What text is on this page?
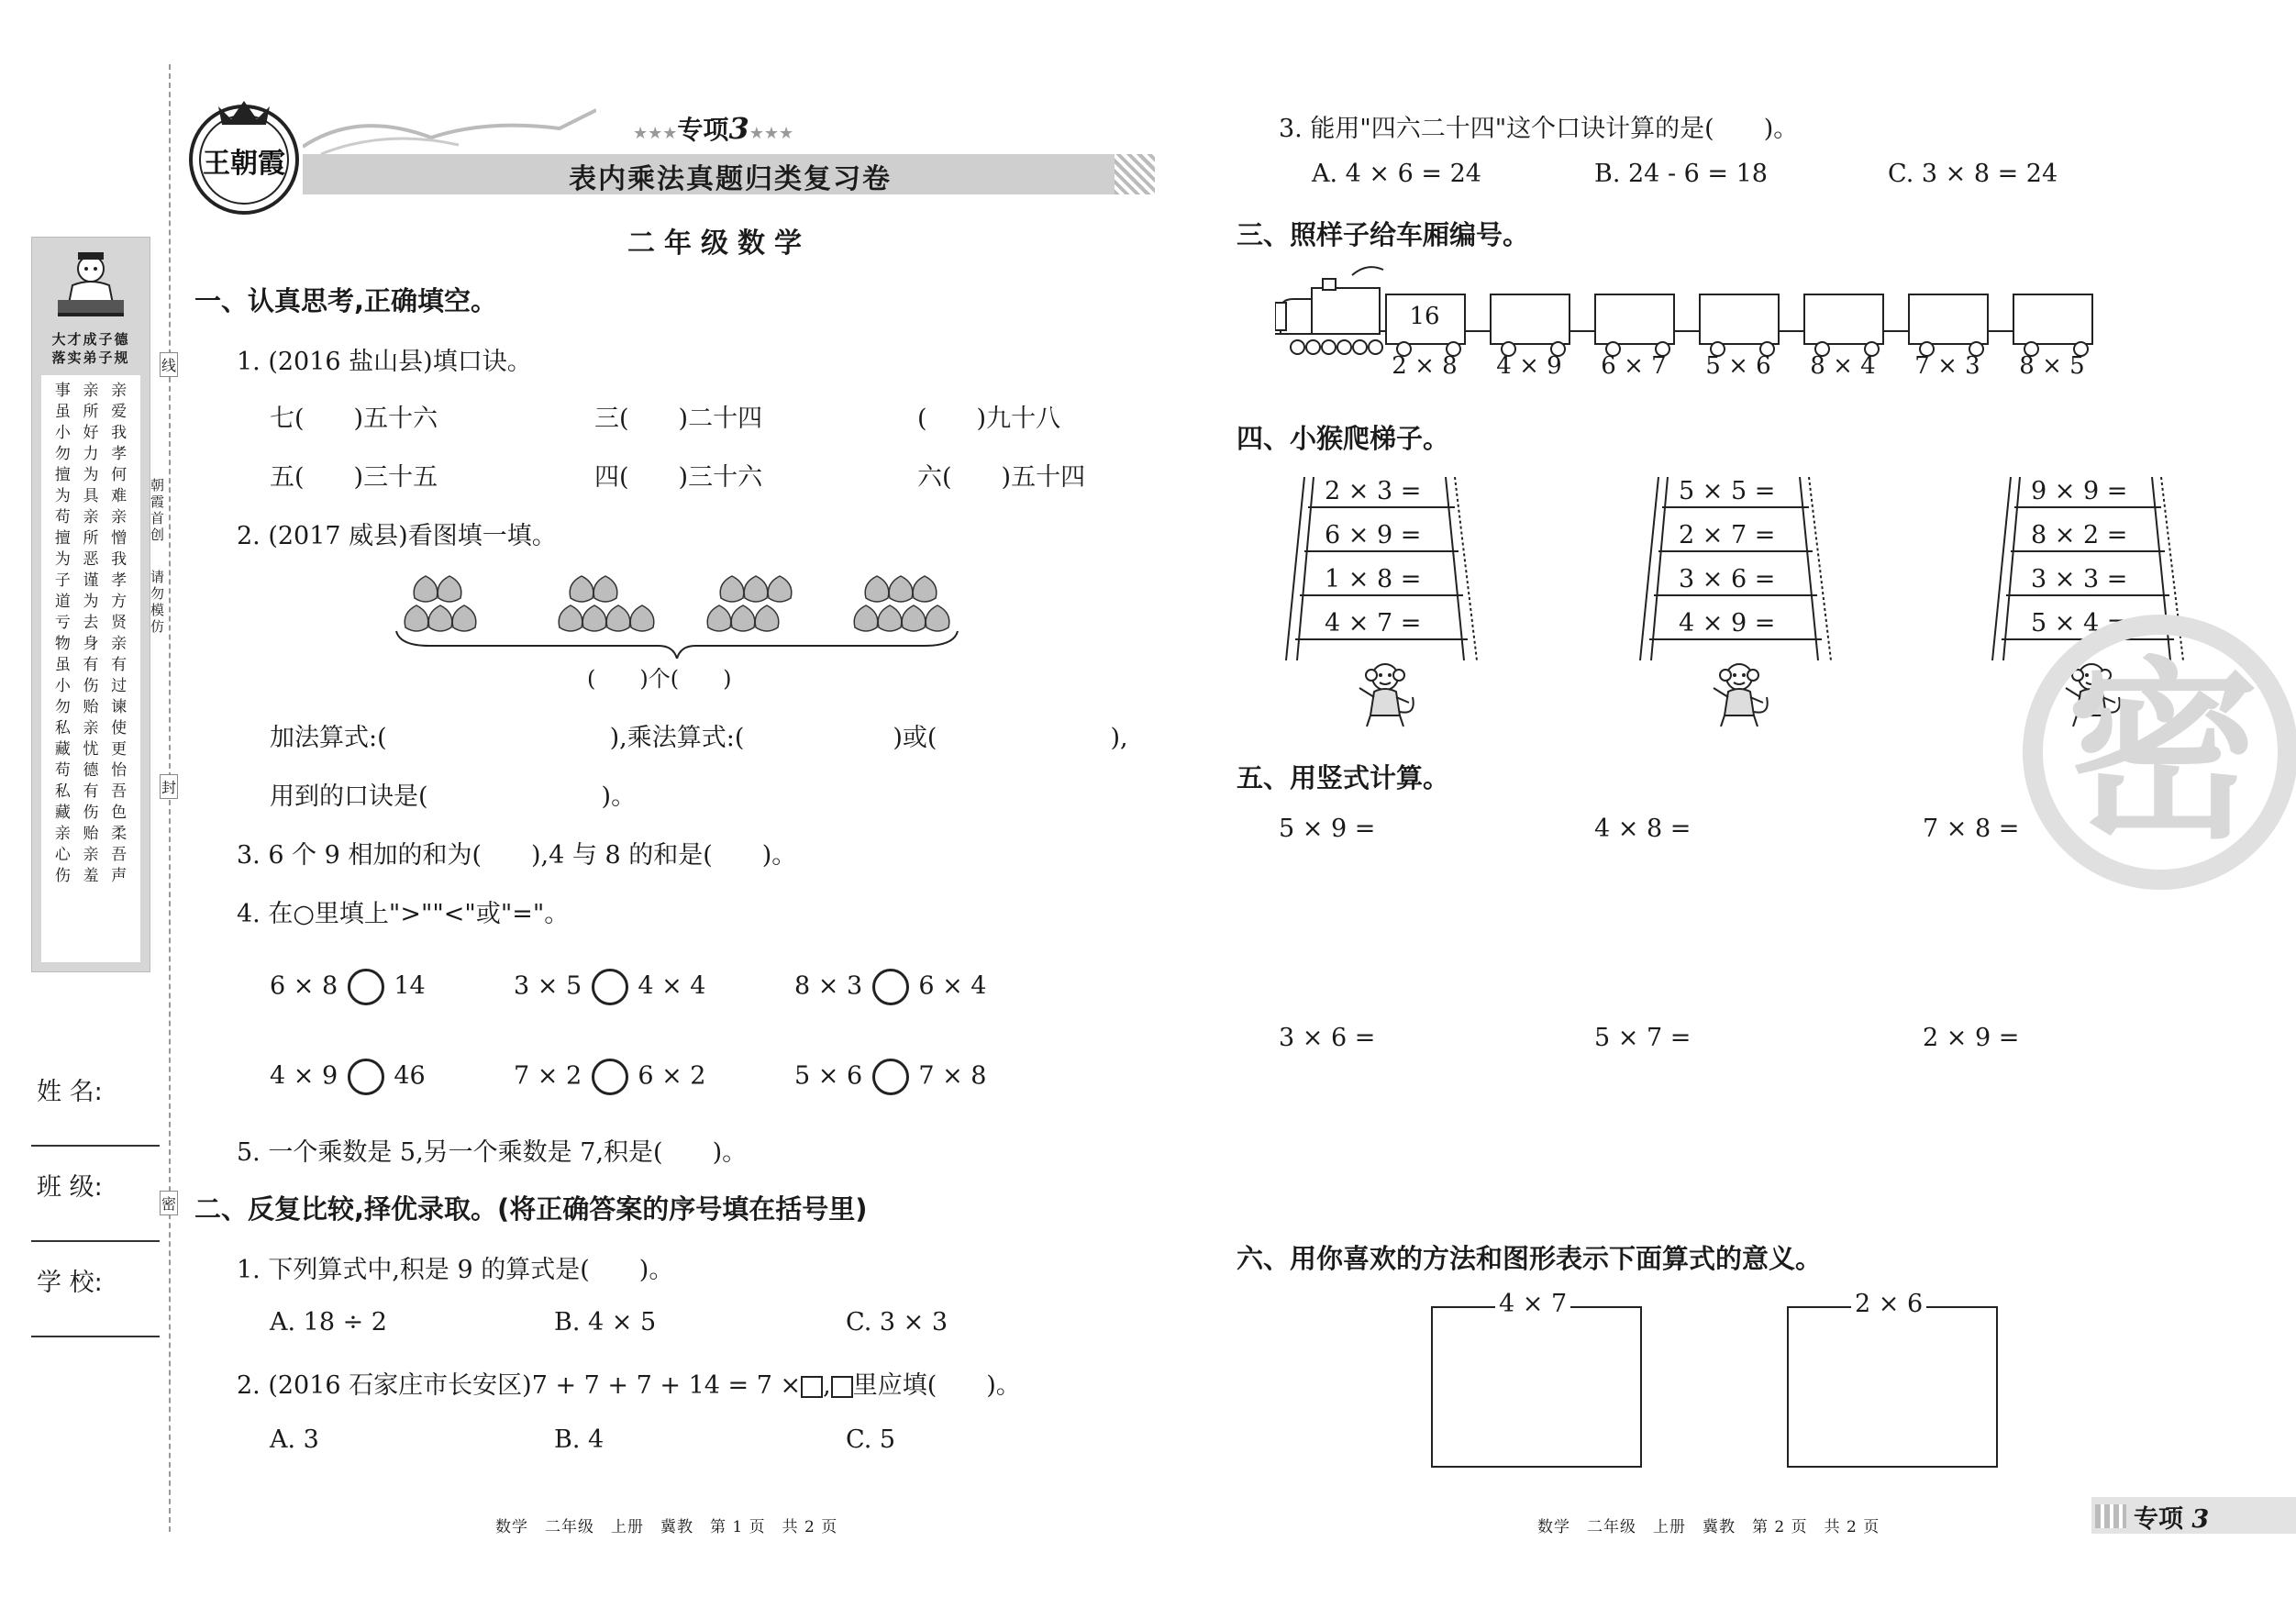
大才成子德
落实弟子规
事 亲 亲
虽 所 爱
小 好 我
勿 力 孝
擅 为 何
为 具 难
苟 亲 亲
擅 所 憎
为 恶 我
子 谨 孝
道 为 方
亏 去 贤
物 身 亲
虽 有 有
小 伤 过
勿 贻 谏
私 亲 使
藏 忧 更
苟 德 怡
私 有 吾
藏 伤 色
亲 贻 柔
心 亲 吾
伤 羞 声
姓 名:
班 级:
学 校:
线
封
密
朝霞首创
请勿模仿
王朝霞
★★★专项3★★★
表内乘法真题归类复习卷
二年级数学
一、认真思考,正确填空。
1. (2016 盐山县)填口诀。
七(　　)五十六	三(　　)二十四	(　　)九十八
五(　　)三十五	四(　　)三十六	六(　　)五十四
2. (2017 威县)看图填一填。
(　　)个(　　)
加法算式:(　　　　　　　　　),乘法算式:(　　　　　　)或(　　　　　　　),
用到的口诀是(　　　　　　　)。
3. 6 个 9 相加的和为(　　),4 与 8 的和是(　　)。
4. 在○里填上">""<"或"="。
6 × 8 14	3 × 5 4 × 4	8 × 3 6 × 4
4 × 9 46	7 × 2 6 × 2	5 × 6 7 × 8
5. 一个乘数是 5,另一个乘数是 7,积是(　　)。
二、反复比较,择优录取。(将正确答案的序号填在括号里)
1. 下列算式中,积是 9 的算式是(　　)。
A. 18 ÷ 2	B. 4 × 5	C. 3 × 3
2. (2016 石家庄市长安区)7 + 7 + 7 + 14 = 7 × , 里应填(　　)。
A. 3	B. 4	C. 5
数学　二年级　上册　冀教　第 1 页　共 2 页
3. 能用"四六二十四"这个口诀计算的是(　　)。
A. 4 × 6 = 24	B. 24 - 6 = 18	C. 3 × 8 = 24
三、照样子给车厢编号。
16
2 × 8 4 × 9 6 × 7 5 × 6 8 × 4 7 × 3 8 × 5
四、小猴爬梯子。
2 × 3 =
6 × 9 =
1 × 8 =
4 × 7 =
5 × 5 =
2 × 7 =
3 × 6 =
4 × 9 =
9 × 9 =
8 × 2 =
3 × 3 =
5 × 4 =
五、用竖式计算。
5 × 9 =	4 × 8 =	7 × 8 =
3 × 6 =	5 × 7 =	2 × 9 =
六、用你喜欢的方法和图形表示下面算式的意义。
4 × 7	2 × 6
密
数学　二年级　上册　冀教　第 2 页　共 2 页	专项 3
